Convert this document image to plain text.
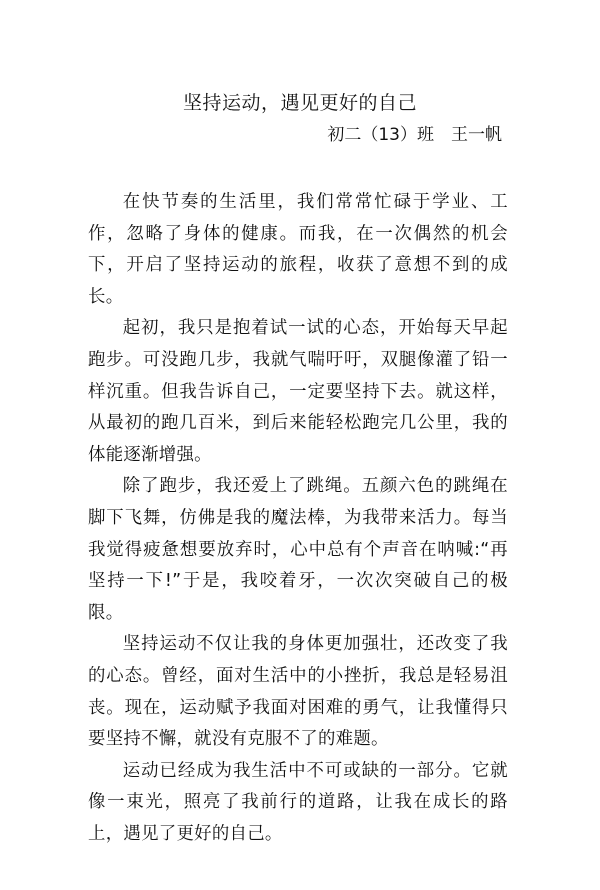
坚持运动，遇见更好的自己
初二（13）班　王一帆

在快节奏的生活里，我们常常忙碌于学业、工作，忽略了身体的健康。而我，在一次偶然的机会下，开启了坚持运动的旅程，收获了意想不到的成长。

起初，我只是抱着试一试的心态，开始每天早起跑步。可没跑几步，我就气喘吁吁，双腿像灌了铅一样沉重。但我告诉自己，一定要坚持下去。就这样，从最初的跑几百米，到后来能轻松跑完几公里，我的体能逐渐增强。

除了跑步，我还爱上了跳绳。五颜六色的跳绳在脚下飞舞，仿佛是我的魔法棒，为我带来活力。每当我觉得疲惫想要放弃时，心中总有个声音在呐喊:“再坚持一下!”于是，我咬着牙，一次次突破自己的极限。

坚持运动不仅让我的身体更加强壮，还改变了我的心态。曾经，面对生活中的小挫折，我总是轻易沮丧。现在，运动赋予我面对困难的勇气，让我懂得只要坚持不懈，就没有克服不了的难题。

运动已经成为我生活中不可或缺的一部分。它就像一束光，照亮了我前行的道路，让我在成长的路上，遇见了更好的自己。
